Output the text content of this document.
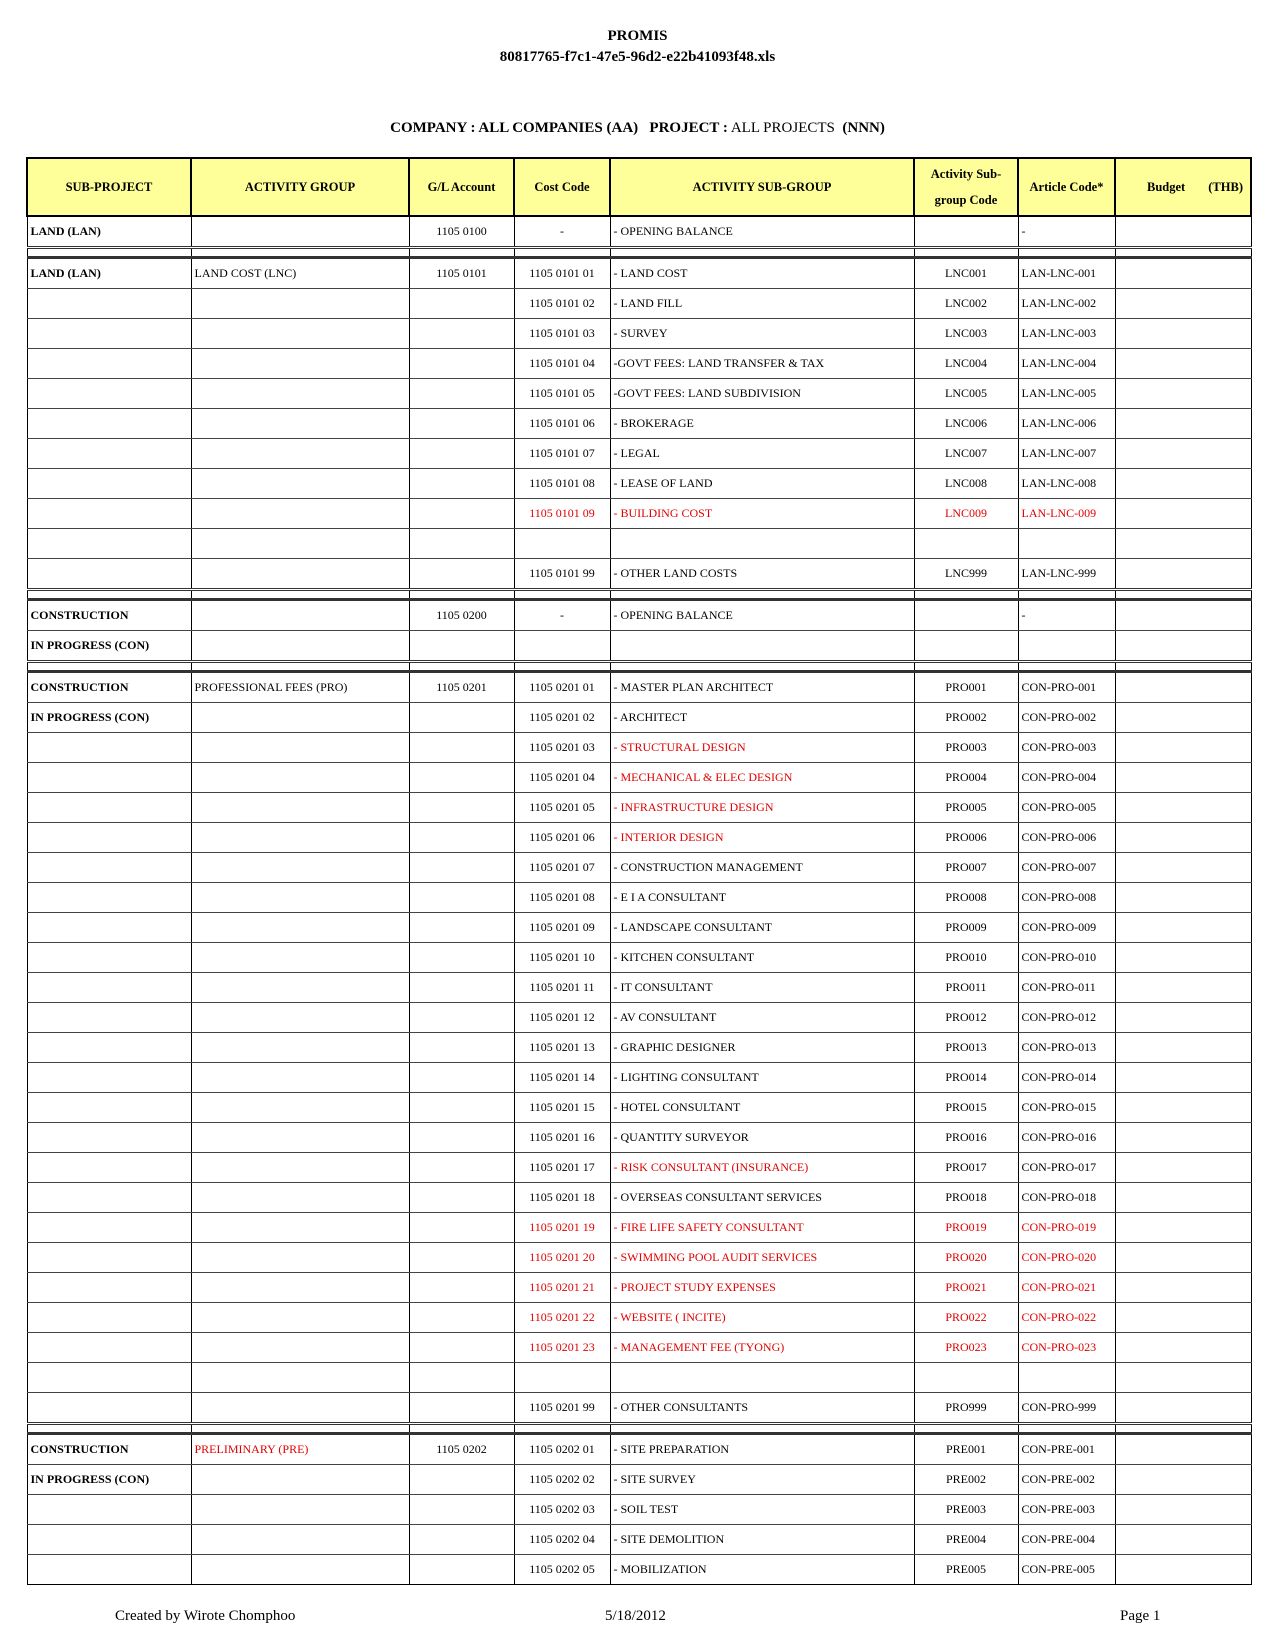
PROMIS
80817765-f7c1-47e5-96d2-e22b41093f48.xls
COMPANY : ALL COMPANIES (AA) PROJECT : ALL PROJECTS (NNN)
SUB-PROJECT	ACTIVITY GROUP	G/L Account	Cost Code	ACTIVITY SUB-GROUP	Activity Sub-group Code	Article Code*	Budget (THB)

LAND (LAN)		1105 0100	-	- OPENING BALANCE		-	

LAND (LAN)	LAND COST (LNC)	1105 0101	1105 0101 01	- LAND COST	LNC001	LAN-LNC-001	
			1105 0101 02	- LAND FILL	LNC002	LAN-LNC-002	
			1105 0101 03	- SURVEY	LNC003	LAN-LNC-003	
			1105 0101 04	-GOVT FEES: LAND TRANSFER & TAX	LNC004	LAN-LNC-004	
			1105 0101 05	-GOVT FEES: LAND SUBDIVISION	LNC005	LAN-LNC-005	
			1105 0101 06	- BROKERAGE	LNC006	LAN-LNC-006	
			1105 0101 07	- LEGAL	LNC007	LAN-LNC-007	
			1105 0101 08	- LEASE OF LAND	LNC008	LAN-LNC-008	
			1105 0101 09	- BUILDING COST	LNC009	LAN-LNC-009	

			1105 0101 99	- OTHER LAND COSTS	LNC999	LAN-LNC-999	

CONSTRUCTION		1105 0200	-	- OPENING BALANCE		-	
IN PROGRESS (CON)							

CONSTRUCTION	PROFESSIONAL FEES (PRO)	1105 0201	1105 0201 01	- MASTER PLAN ARCHITECT	PRO001	CON-PRO-001	
IN PROGRESS (CON)			1105 0201 02	- ARCHITECT	PRO002	CON-PRO-002	
			1105 0201 03	- STRUCTURAL DESIGN	PRO003	CON-PRO-003	
			1105 0201 04	- MECHANICAL & ELEC DESIGN	PRO004	CON-PRO-004	
			1105 0201 05	- INFRASTRUCTURE DESIGN	PRO005	CON-PRO-005	
			1105 0201 06	- INTERIOR DESIGN	PRO006	CON-PRO-006	
			1105 0201 07	- CONSTRUCTION MANAGEMENT	PRO007	CON-PRO-007	
			1105 0201 08	- E I A CONSULTANT	PRO008	CON-PRO-008	
			1105 0201 09	- LANDSCAPE CONSULTANT	PRO009	CON-PRO-009	
			1105 0201 10	- KITCHEN CONSULTANT	PRO010	CON-PRO-010	
			1105 0201 11	- IT CONSULTANT	PRO011	CON-PRO-011	
			1105 0201 12	- AV CONSULTANT	PRO012	CON-PRO-012	
			1105 0201 13	- GRAPHIC DESIGNER	PRO013	CON-PRO-013	
			1105 0201 14	- LIGHTING CONSULTANT	PRO014	CON-PRO-014	
			1105 0201 15	- HOTEL CONSULTANT	PRO015	CON-PRO-015	
			1105 0201 16	- QUANTITY SURVEYOR	PRO016	CON-PRO-016	
			1105 0201 17	- RISK CONSULTANT (INSURANCE)	PRO017	CON-PRO-017	
			1105 0201 18	- OVERSEAS CONSULTANT SERVICES	PRO018	CON-PRO-018	
			1105 0201 19	- FIRE LIFE SAFETY CONSULTANT	PRO019	CON-PRO-019	
			1105 0201 20	- SWIMMING POOL AUDIT SERVICES	PRO020	CON-PRO-020	
			1105 0201 21	- PROJECT STUDY EXPENSES	PRO021	CON-PRO-021	
			1105 0201 22	- WEBSITE ( INCITE)	PRO022	CON-PRO-022	
			1105 0201 23	- MANAGEMENT FEE (TYONG)	PRO023	CON-PRO-023	

			1105 0201 99	- OTHER CONSULTANTS	PRO999	CON-PRO-999	

CONSTRUCTION	PRELIMINARY (PRE)	1105 0202	1105 0202 01	- SITE PREPARATION	PRE001	CON-PRE-001	
IN PROGRESS (CON)			1105 0202 02	- SITE SURVEY	PRE002	CON-PRE-002	
			1105 0202 03	- SOIL TEST	PRE003	CON-PRE-003	
			1105 0202 04	- SITE DEMOLITION	PRE004	CON-PRE-004	
			1105 0202 05	- MOBILIZATION	PRE005	CON-PRE-005	
Created by Wirote Chomphoo	5/18/2012	Page 1
